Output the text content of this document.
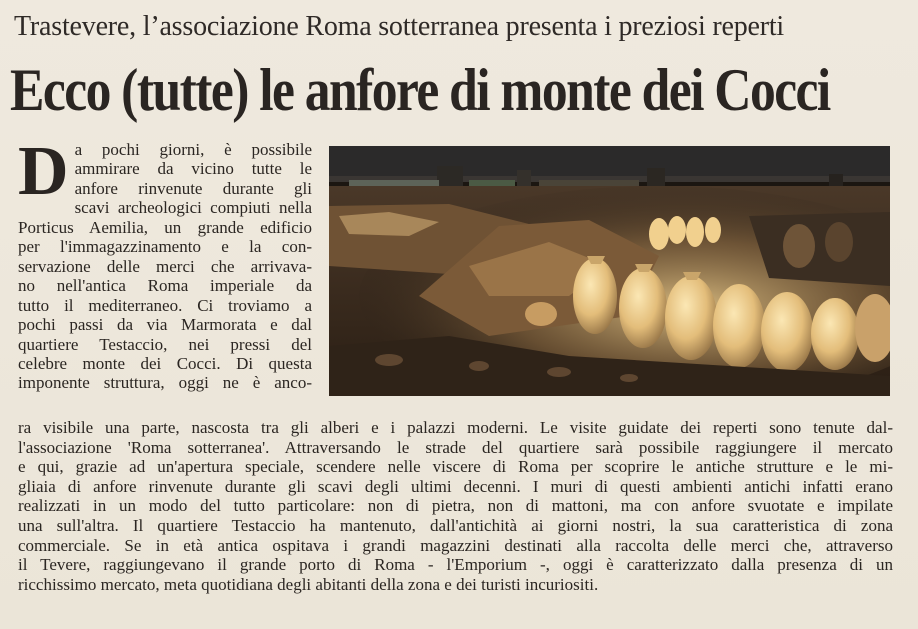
Trastevere, l’associazione Roma sotterranea presenta i preziosi reperti
Ecco (tutte) le anfore di monte dei Cocci
D a pochi giorni, è possibile
ammirare da vicino tutte le
anfore rinvenute durante gli
scavi archeologici compiuti nella
Porticus Aemilia, un grande edificio
per l'immagazzinamento e la con-
servazione delle merci che arrivava-
no nell'antica Roma imperiale da
tutto il mediterraneo. Ci troviamo a
pochi passi da via Marmorata e dal
quartiere Testaccio, nei pressi del
celebre monte dei Cocci. Di questa
imponente struttura, oggi ne è anco-
ra visibile una parte, nascosta tra gli alberi e i palazzi moderni. Le visite guidate dei reperti sono tenute dal-
l'associazione 'Roma sotterranea'. Attraversando le strade del quartiere sarà possibile raggiungere il mercato
e qui, grazie ad un'apertura speciale, scendere nelle viscere di Roma per scoprire le antiche strutture e le mi-
gliaia di anfore rinvenute durante gli scavi degli ultimi decenni. I muri di questi ambienti antichi infatti erano
realizzati in un modo del tutto particolare: non di pietra, non di mattoni, ma con anfore svuotate e impilate
una sull'altra. Il quartiere Testaccio ha mantenuto, dall'antichità ai giorni nostri, la sua caratteristica di zona
commerciale. Se in età antica ospitava i grandi magazzini destinati alla raccolta delle merci che, attraverso
il Tevere, raggiungevano il grande porto di Roma - l'Emporium -, oggi è caratterizzato dalla presenza di un
ricchissimo mercato, meta quotidiana degli abitanti della zona e dei turisti incuriositi.
